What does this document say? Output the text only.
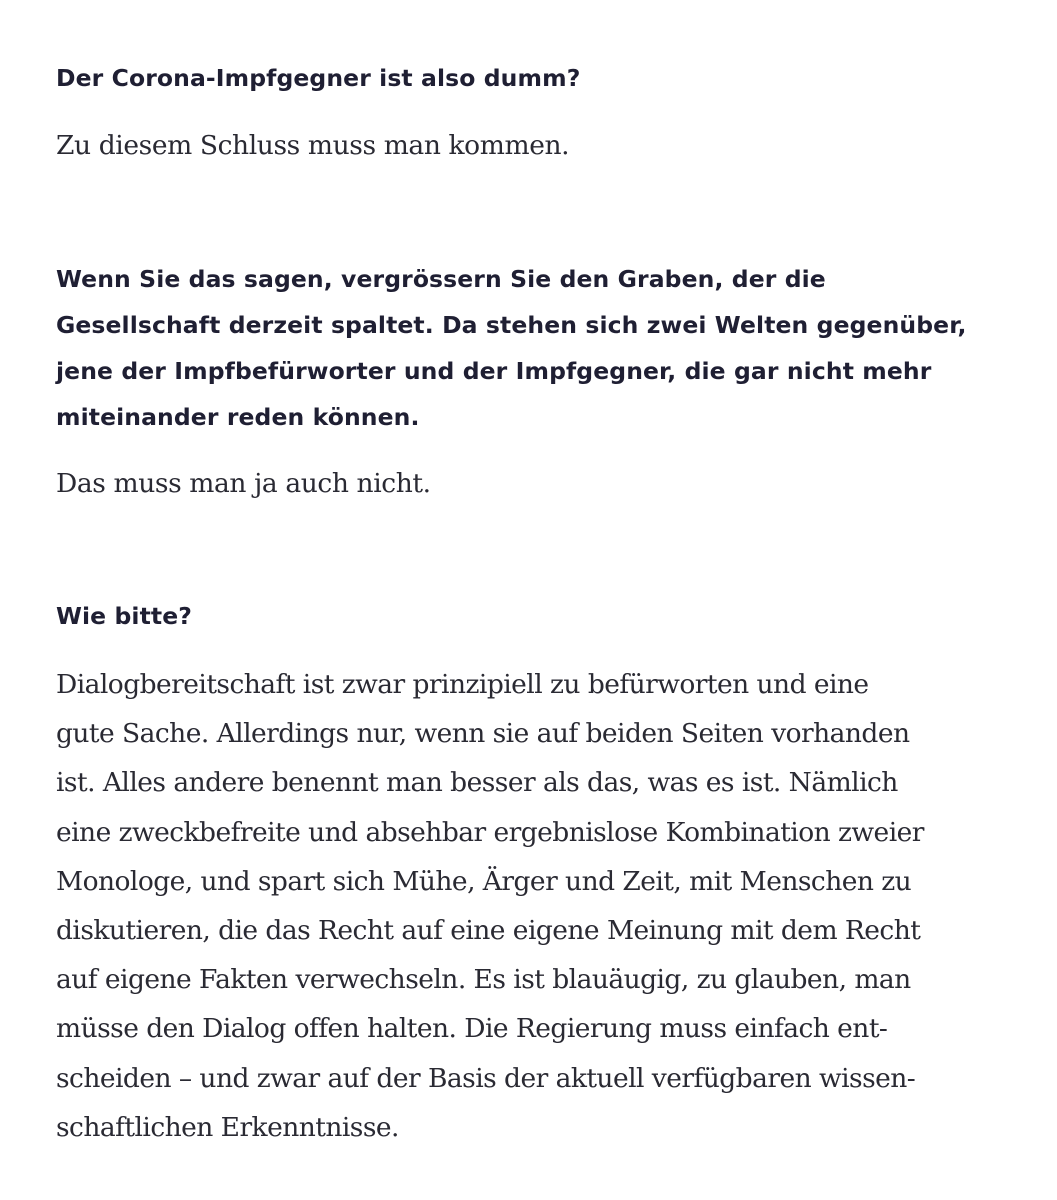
Der Corona-Impfgegner ist also dumm?

Zu diesem Schluss muss man kommen.

Wenn Sie das sagen, vergrössern Sie den Graben, der die
Gesellschaft derzeit spaltet. Da stehen sich zwei Welten gegenüber,
jene der Impfbefürworter und der Impfgegner, die gar nicht mehr
miteinander reden können.

Das muss man ja auch nicht.

Wie bitte?

Dialogbereitschaft ist zwar prinzipiell zu befürworten und eine
gute Sache. Allerdings nur, wenn sie auf beiden Seiten vorhanden
ist. Alles andere benennt man besser als das, was es ist. Nämlich
eine zweckbefreite und absehbar ergebnislose Kombination zweier
Monologe, und spart sich Mühe, Ärger und Zeit, mit Menschen zu
diskutieren, die das Recht auf eine eigene Meinung mit dem Recht
auf eigene Fakten verwechseln. Es ist blauäugig, zu glauben, man
müsse den Dialog offen halten. Die Regierung muss einfach ent-
scheiden – und zwar auf der Basis der aktuell verfügbaren wissen-
schaftlichen Erkenntnisse.
